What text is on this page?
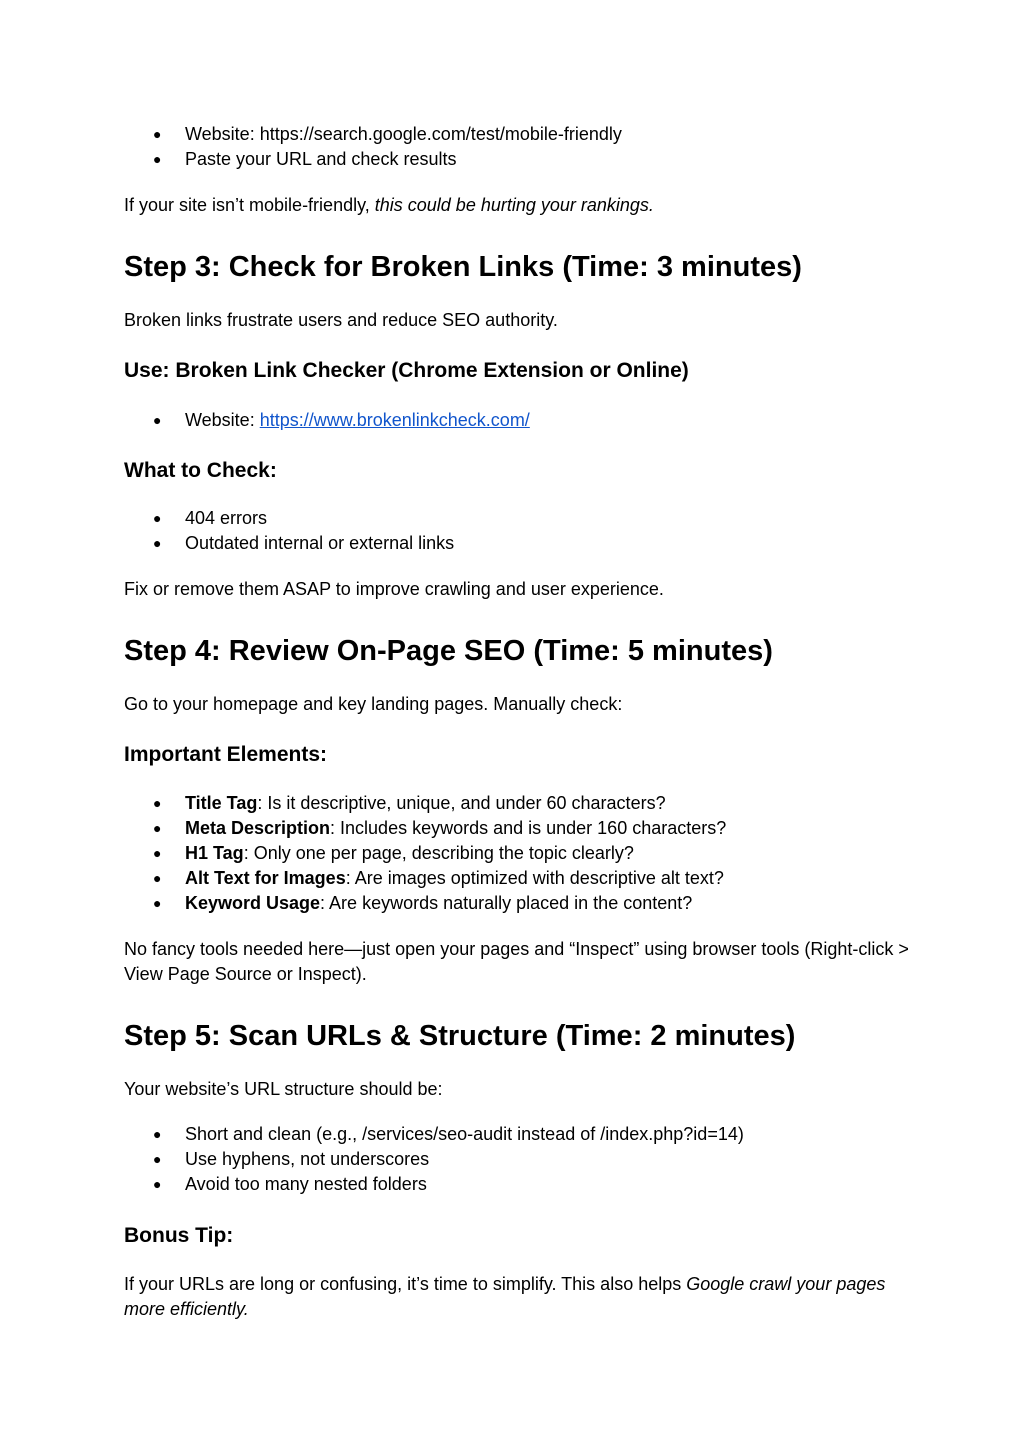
● Website: https://search.google.com/test/mobile-friendly
● Paste your URL and check results

If your site isn’t mobile-friendly, this could be hurting your rankings.

Step 3: Check for Broken Links (Time: 3 minutes)

Broken links frustrate users and reduce SEO authority.

Use: Broken Link Checker (Chrome Extension or Online)
● Website: https://www.brokenlinkcheck.com/
What to Check:
● 404 errors
● Outdated internal or external links

Fix or remove them ASAP to improve crawling and user experience.

Step 4: Review On-Page SEO (Time: 5 minutes)

Go to your homepage and key landing pages. Manually check:

Important Elements:
● Title Tag: Is it descriptive, unique, and under 60 characters?
● Meta Description: Includes keywords and is under 160 characters?
● H1 Tag: Only one per page, describing the topic clearly?
● Alt Text for Images: Are images optimized with descriptive alt text?
● Keyword Usage: Are keywords naturally placed in the content?

No fancy tools needed here—just open your pages and “Inspect” using browser tools (Right-click > View Page Source or Inspect).

Step 5: Scan URLs & Structure (Time: 2 minutes)

Your website’s URL structure should be:

● Short and clean (e.g., /services/seo-audit instead of /index.php?id=14)
● Use hyphens, not underscores
● Avoid too many nested folders
Bonus Tip:

If your URLs are long or confusing, it’s time to simplify. This also helps Google crawl your pages more efficiently.
